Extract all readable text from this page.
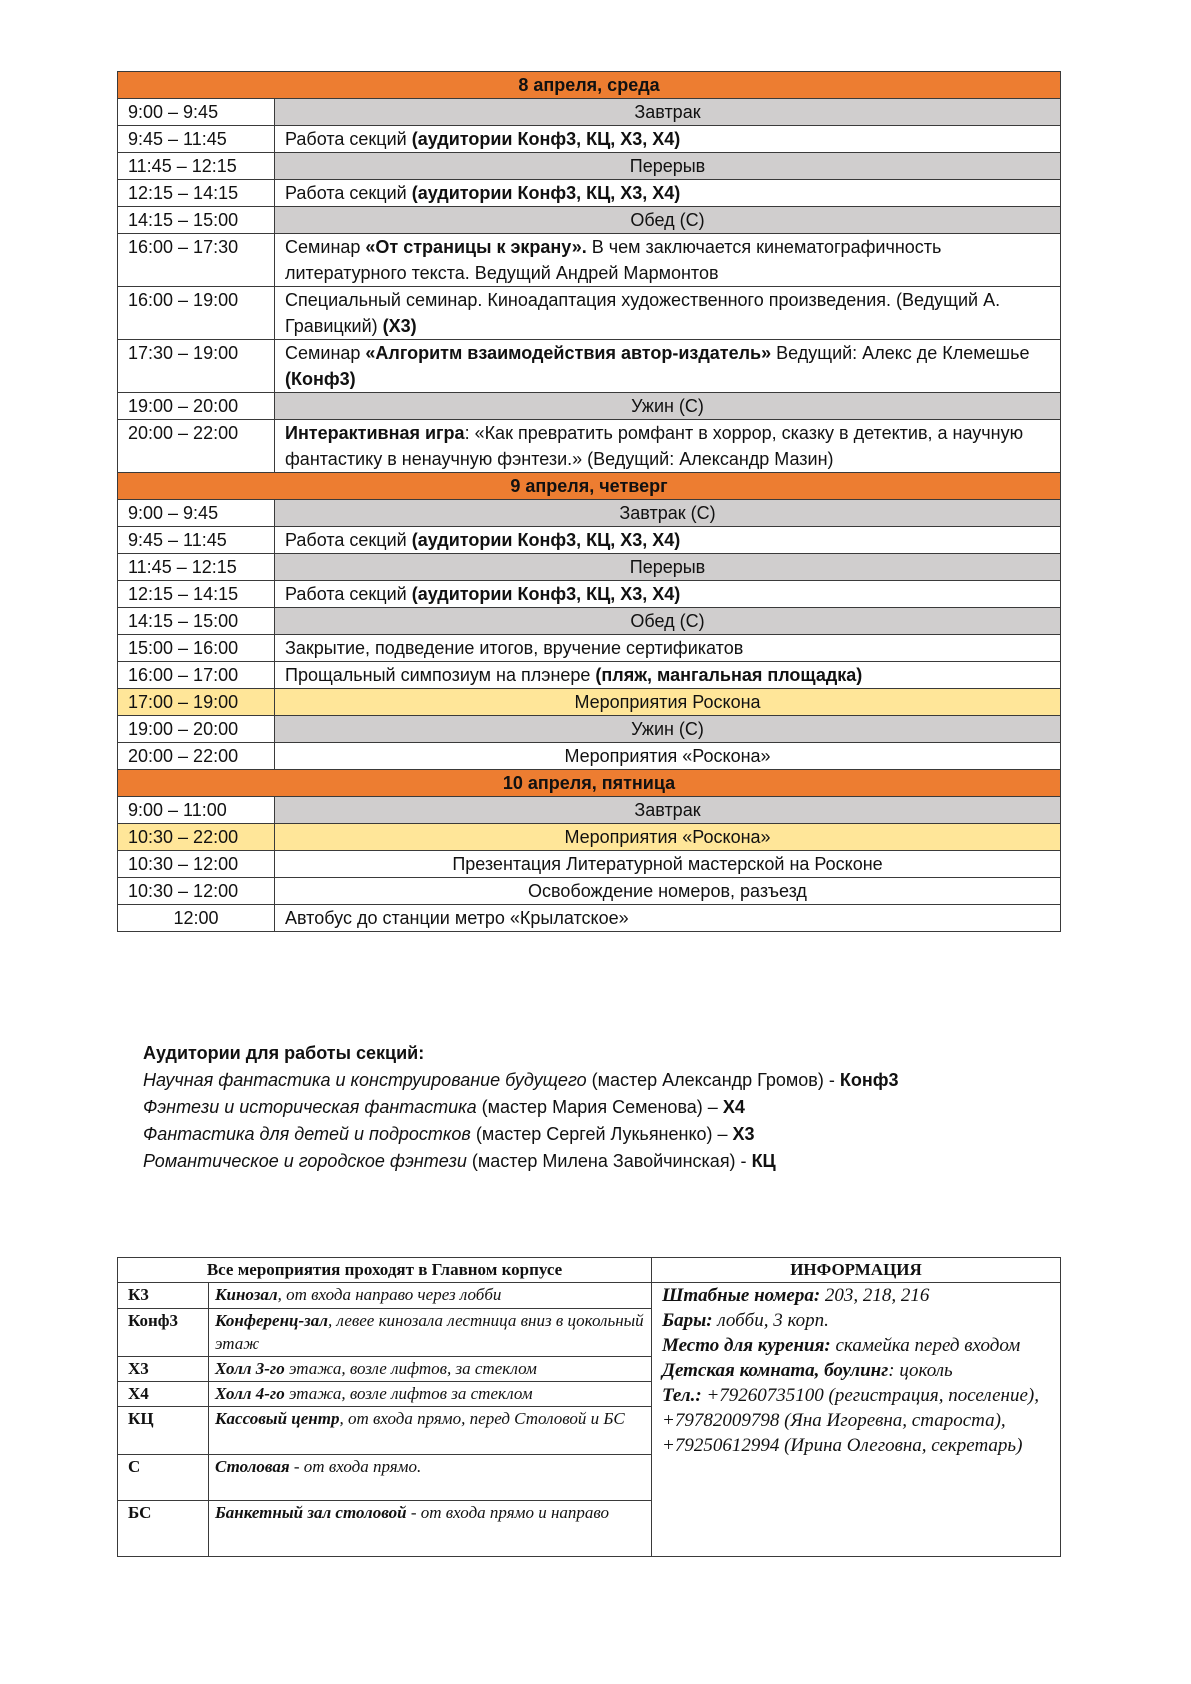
8 апреля, среда	
9:00 – 9:45	Завтрак
9:45 – 11:45	Работа секций (аудитории Конф3, КЦ, Х3, Х4)
11:45 – 12:15	Перерыв
12:15 – 14:15	Работа секций (аудитории Конф3, КЦ, Х3, Х4)
14:15 – 15:00	Обед (С)
16:00 – 17:30	Семинар «От страницы к экрану». В чем заключается кинематографичность литературного текста. Ведущий Андрей Мармонтов
16:00 – 19:00	Специальный семинар. Киноадаптация художественного произведения. (Ведущий А. Гравицкий) (Х3)
17:30 – 19:00	Семинар «Алгоритм взаимодействия автор-издатель» Ведущий: Алекс де Клемешье (Конф3)
19:00 – 20:00	Ужин (С)
20:00 – 22:00	Интерактивная игра: «Как превратить ромфант в хоррор, сказку в детектив, а научную фантастику в ненаучную фэнтези.» (Ведущий: Александр Мазин)
9 апреля, четверг	
9:00 – 9:45	Завтрак (С)
9:45 – 11:45	Работа секций (аудитории Конф3, КЦ, Х3, Х4)
11:45 – 12:15	Перерыв
12:15 – 14:15	Работа секций (аудитории Конф3, КЦ, Х3, Х4)
14:15 – 15:00	Обед (С)
15:00 – 16:00	Закрытие, подведение итогов, вручение сертификатов
16:00 – 17:00	Прощальный симпозиум на плэнере (пляж, мангальная площадка)
17:00 – 19:00	Мероприятия Роскона
19:00 – 20:00	Ужин (С)
20:00 – 22:00	Мероприятия «Роскона»
10 апреля, пятница	
9:00 – 11:00	Завтрак
10:30 – 22:00	Мероприятия «Роскона»
10:30 – 12:00	Презентация Литературной мастерской на Росконе
10:30 – 12:00	Освобождение номеров, разъезд
12:00	Автобус до станции метро «Крылатское»
Аудитории для работы секций:
Научная фантастика и конструирование будущего (мастер Александр Громов) - Конф3
Фэнтези и историческая фантастика (мастер Мария Семенова) – Х4
Фантастика для детей и подростков (мастер Сергей Лукьяненко) – Х3
Романтическое и городское фэнтези (мастер Милена Завойчинская) - КЦ
Все мероприятия проходят в Главном корпусе		ИНФОРМАЦИЯ
К3	Кинозал, от входа направо через лобби	Штабные номера: 203, 218, 216
Бары: лобби, 3 корп.
Место для курения: скамейка перед входом
Детская комната, боулинг: цоколь
Тел.: +79260735100 (регистрация, поселение), +79782009798 (Яна Игоревна, староста), +79250612994 (Ирина Олеговна, секретарь)

Конф3	Конференц-зал, левее кинозала лестница вниз в цокольный этаж	
Х3	Холл 3-го этажа, возле лифтов, за стеклом	
Х4	Холл 4-го этажа, возле лифтов за стеклом	
КЦ	Кассовый центр, от входа прямо, перед Столовой и БС	
С	Столовая - от входа прямо.	
БС	Банкетный зал столовой - от входа прямо и направо	
